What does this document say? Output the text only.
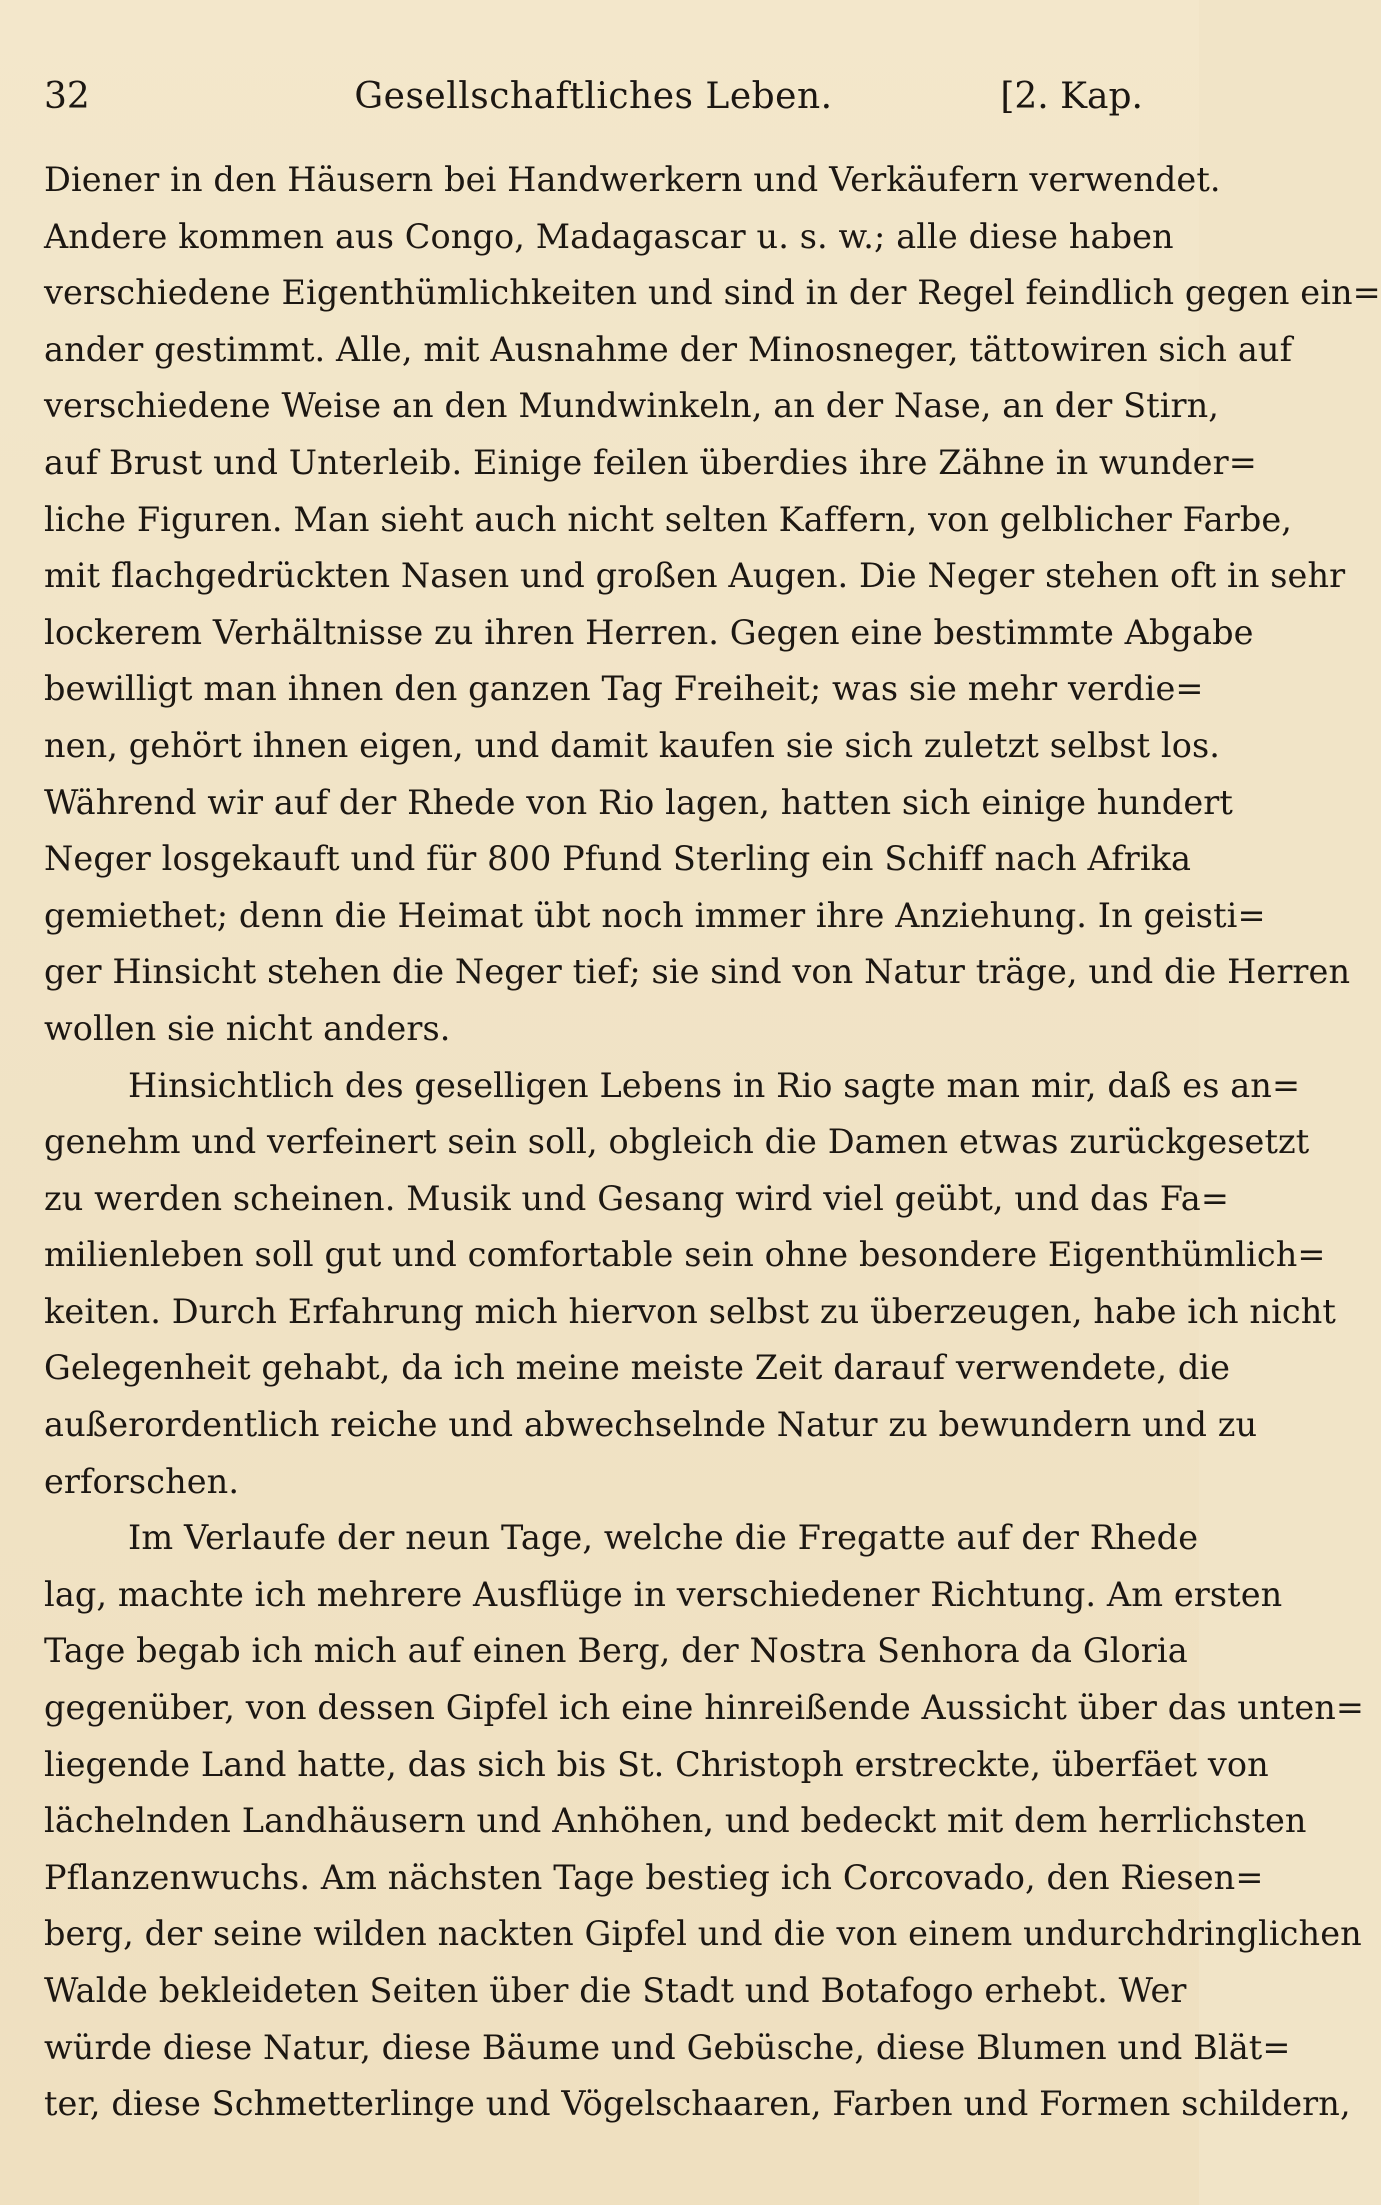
32	Gesellschaftliches Leben.	[2. Kap.
Diener in den Häusern bei Handwerkern und Verkäufern verwendet.
Andere kommen aus Congo, Madagascar u. s. w.; alle diese haben
verschiedene Eigenthümlichkeiten und sind in der Regel feindlich gegen ein=
ander gestimmt. Alle, mit Ausnahme der Minosneger, tättowiren sich auf
verschiedene Weise an den Mundwinkeln, an der Nase, an der Stirn,
auf Brust und Unterleib. Einige feilen überdies ihre Zähne in wunder=
liche Figuren. Man sieht auch nicht selten Kaffern, von gelblicher Farbe,
mit flachgedrückten Nasen und großen Augen. Die Neger stehen oft in sehr
lockerem Verhältnisse zu ihren Herren. Gegen eine bestimmte Abgabe
bewilligt man ihnen den ganzen Tag Freiheit; was sie mehr verdie=
nen, gehört ihnen eigen, und damit kaufen sie sich zuletzt selbst los.
Während wir auf der Rhede von Rio lagen, hatten sich einige hundert
Neger losgekauft und für 800 Pfund Sterling ein Schiff nach Afrika
gemiethet; denn die Heimat übt noch immer ihre Anziehung. In geisti=
ger Hinsicht stehen die Neger tief; sie sind von Natur träge, und die Herren
wollen sie nicht anders.
Hinsichtlich des geselligen Lebens in Rio sagte man mir, daß es an=
genehm und verfeinert sein soll, obgleich die Damen etwas zurückgesetzt
zu werden scheinen. Musik und Gesang wird viel geübt, und das Fa=
milienleben soll gut und comfortable sein ohne besondere Eigenthümlich=
keiten. Durch Erfahrung mich hiervon selbst zu überzeugen, habe ich nicht
Gelegenheit gehabt, da ich meine meiste Zeit darauf verwendete, die
außerordentlich reiche und abwechselnde Natur zu bewundern und zu
erforschen.
Im Verlaufe der neun Tage, welche die Fregatte auf der Rhede
lag, machte ich mehrere Ausflüge in verschiedener Richtung. Am ersten
Tage begab ich mich auf einen Berg, der Nostra Senhora da Gloria
gegenüber, von dessen Gipfel ich eine hinreißende Aussicht über das unten=
liegende Land hatte, das sich bis St. Christoph erstreckte, überfäet von
lächelnden Landhäusern und Anhöhen, und bedeckt mit dem herrlichsten
Pflanzenwuchs. Am nächsten Tage bestieg ich Corcovado, den Riesen=
berg, der seine wilden nackten Gipfel und die von einem undurchdringlichen
Walde bekleideten Seiten über die Stadt und Botafogo erhebt. Wer
würde diese Natur, diese Bäume und Gebüsche, diese Blumen und Blät=
ter, diese Schmetterlinge und Vögelschaaren, Farben und Formen schildern,
